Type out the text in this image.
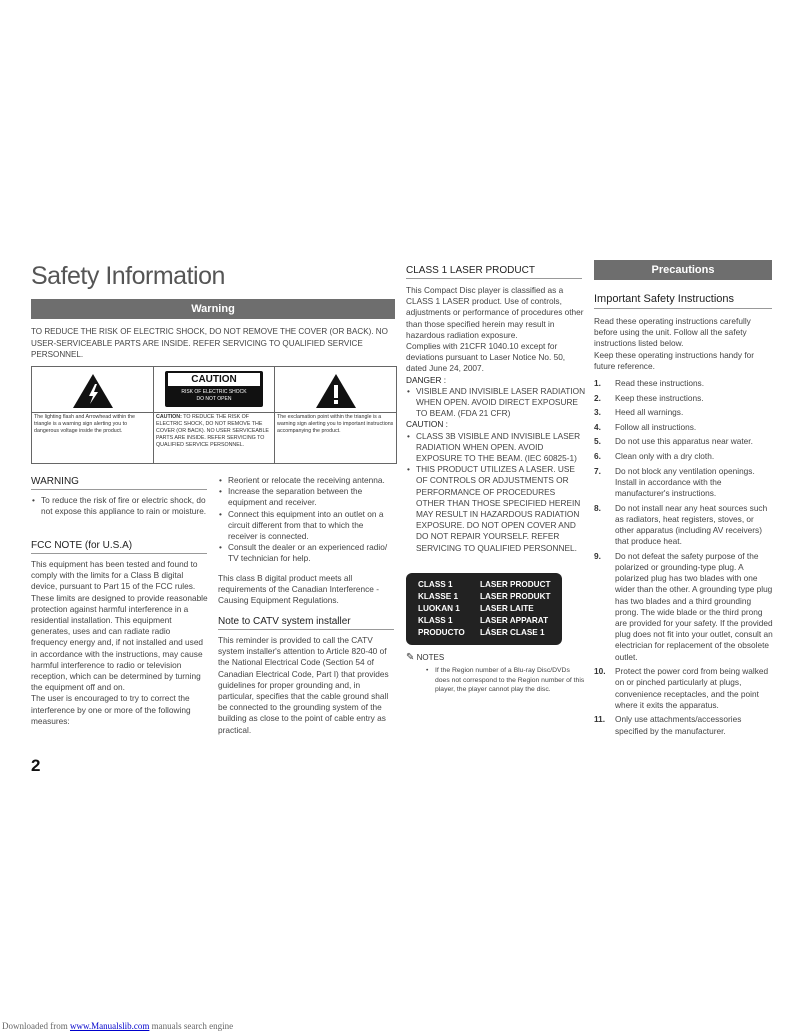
Safety Information
Warning
TO REDUCE THE RISK OF ELECTRIC SHOCK, DO NOT REMOVE THE COVER (OR BACK). NO USER-SERVICEABLE PARTS ARE INSIDE. REFER SERVICING TO QUALIFIED SERVICE PERSONNEL.
CAUTION
RISK OF ELECTRIC SHOCK
DO NOT OPEN
The lighting flash and Arrowhead within the triangle is a warning sign alerting you to dangerous voltage inside the product.
CAUTION: TO REDUCE THE RISK OF ELECTRIC SHOCK, DO NOT REMOVE THE COVER (OR BACK). NO USER SERVICEABLE PARTS ARE INSIDE. REFER SERVICING TO QUALIFIED SERVICE PERSONNEL.
The exclamation point within the triangle is a warning sign alerting you to important instructions accompanying the product.
WARNING
• To reduce the risk of fire or electric shock, do not expose this appliance to rain or moisture.
FCC NOTE (for U.S.A)

This equipment has been tested and found to comply with the limits for a Class B digital device, pursuant to Part 15 of the FCC rules. These limits are designed to provide reasonable protection against harmful interference in a residential installation. This equipment generates, uses and can radiate radio frequency energy and, if not installed and used in accordance with the instructions, may cause harmful interference to radio or television reception, which can be determined by turning the equipment off and on.

The user is encouraged to try to correct the interference by one or more of the following measures:

• Reorient or relocate the receiving antenna.
• Increase the separation between the equipment and receiver.
• Connect this equipment into an outlet on a circuit different from that to which the receiver is connected.
• Consult the dealer or an experienced radio/ TV technician for help.
This class B digital product meets all requirements of the Canadian Interference -Causing Equipment Regulations.
Note to CATV system installer
This reminder is provided to call the CATV system installer's attention to Article 820-40 of the National Electrical Code (Section 54 of Canadian Electrical Code, Part I) that provides guidelines for proper grounding and, in particular, specifies that the cable ground shall be connected to the grounding system of the building as close to the point of cable entry as practical.
CLASS 1 LASER PRODUCT

This Compact Disc player is classified as a CLASS 1 LASER product. Use of controls, adjustments or performance of procedures other than those specified herein may result in hazardous radiation exposure.

Complies with 21CFR 1040.10 except for deviations pursuant to Laser Notice No. 50, dated June 24, 2007.

DANGER :

• VISIBLE AND INVISIBLE LASER RADIATION WHEN OPEN. AVOID DIRECT EXPOSURE TO BEAM. (FDA 21 CFR)

CAUTION :

• CLASS 3B VISIBLE AND INVISIBLE LASER RADIATION WHEN OPEN. AVOID EXPOSURE TO THE BEAM. (IEC 60825-1)
• THIS PRODUCT UTILIZES A LASER. USE OF CONTROLS OR ADJUSTMENTS OR PERFORMANCE OF PROCEDURES OTHER THAN THOSE SPECIFIED HEREIN MAY RESULT IN HAZARDOUS RADIATION EXPOSURE. DO NOT OPEN COVER AND DO NOT REPAIR YOURSELF. REFER SERVICING TO QUALIFIED PERSONNEL.
CLASS 1	LASER PRODUCT
KLASSE 1	LASER PRODUKT
LUOKAN 1 LASER LAITE
KLASS 1	LASER APPARAT
PRODUCTO LÁSER CLASE 1
✎ NOTES
• If the Region number of a Blu-ray Disc/DVDs does not correspond to the Region number of this player, the player cannot play the disc.
Precautions
Important Safety Instructions

Read these operating instructions carefully before using the unit. Follow all the safety instructions listed below.

Keep these operating instructions handy for future reference.

1. Read these instructions.
2. Keep these instructions.
3. Heed all warnings.
4. Follow all instructions.
5. Do not use this apparatus near water.
6. Clean only with a dry cloth.
7. Do not block any ventilation openings. Install in accordance with the manufacturer's instructions.
8. Do not install near any heat sources such as radiators, heat registers, stoves, or other apparatus (including AV receivers) that produce heat.
9. Do not defeat the safety purpose of the polarized or grounding-type plug. A polarized plug has two blades with one wider than the other. A grounding type plug has two blades and a third grounding prong. The wide blade or the third prong are provided for your safety. If the provided plug does not fit into your outlet, consult an electrician for replacement of the obsolete outlet.
10. Protect the power cord from being walked on or pinched particularly at plugs, convenience receptacles, and the point where it exits the apparatus.
11. Only use attachments/accessories specified by the manufacturer.
2
Downloaded from www.Manualslib.com manuals search engine
